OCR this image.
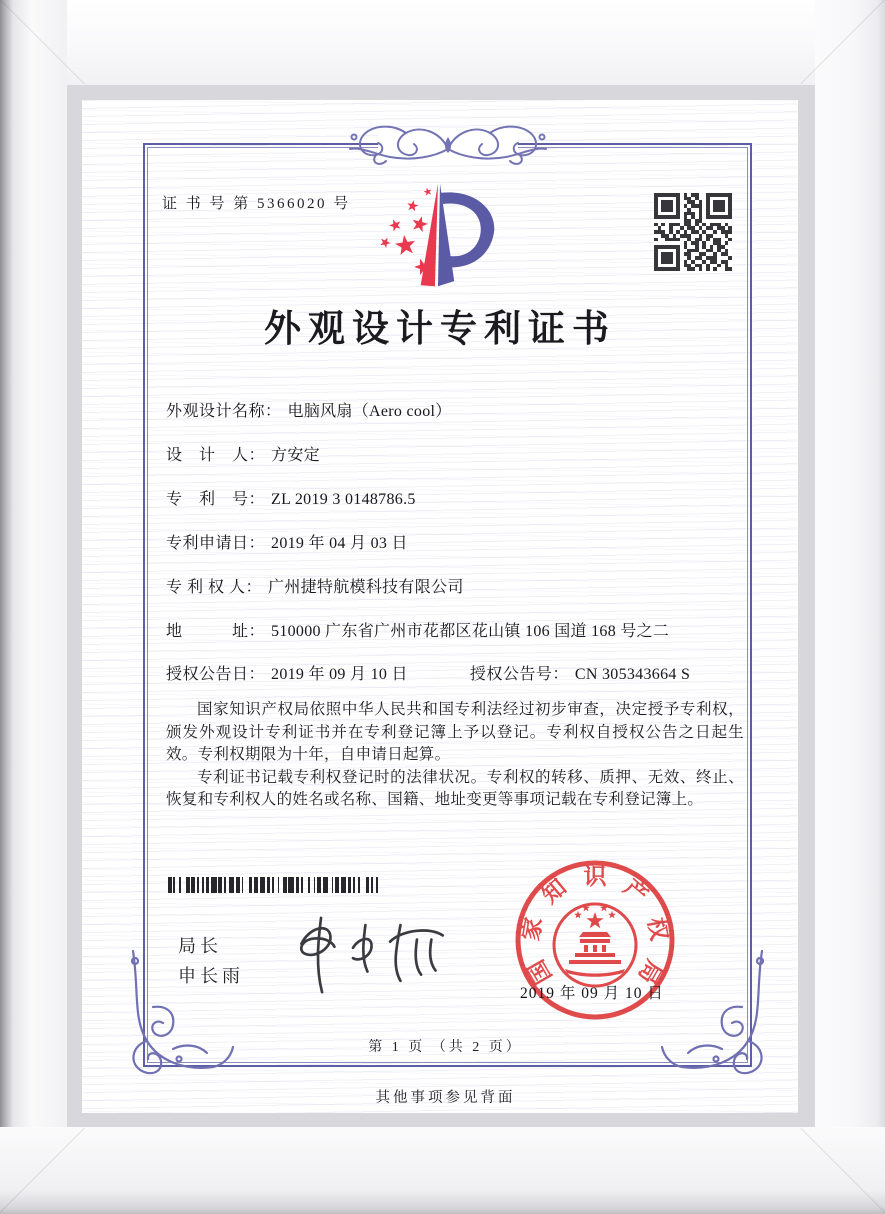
证 书 号 第 5366020 号
外观设计专利证书
外观设计名称： 电脑风扇（Aero cool）
设　计　人： 方安定
专　利　号： ZL 2019 3 0148786.5
专利申请日： 2019 年 04 月 03 日
专 利 权 人： 广州捷特航模科技有限公司
地　　　址： 510000 广东省广州市花都区花山镇 106 国道 168 号之二
授权公告日： 2019 年 09 月 10 日	授权公告号： CN 305343664 S

国家知识产权局依照中华人民共和国专利法经过初步审查，决定授予专利权，颁发外观设计专利证书并在专利登记簿上予以登记。专利权自授权公告之日起生效。专利权期限为十年，自申请日起算。

专利证书记载专利权登记时的法律状况。专利权的转移、质押、无效、终止、恢复和专利权人的姓名或名称、国籍、地址变更等事项记载在专利登记簿上。

局长
申长雨	国
家
知 识 产
权
局
2019 年 09 月 10 日
第 1 页 （共 2 页）
其他事项参见背面
